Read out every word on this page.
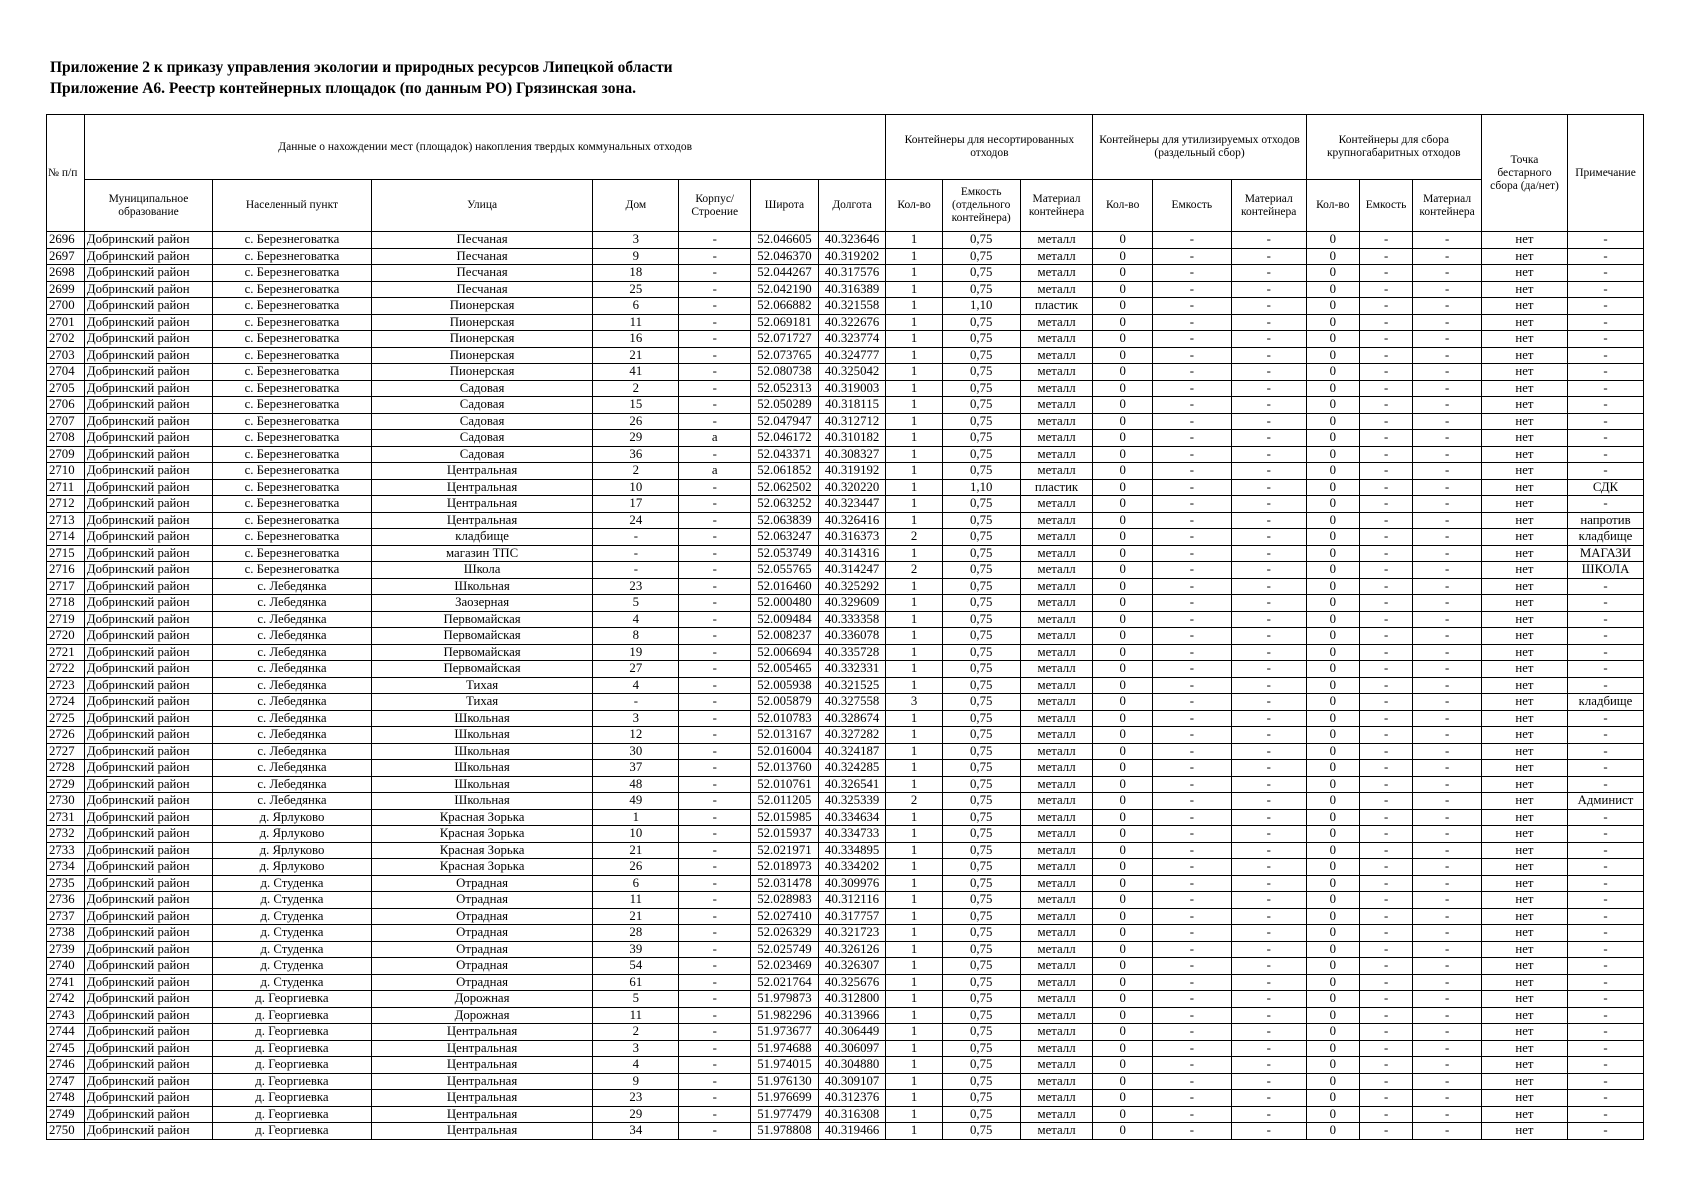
Приложение 2 к приказу управления экологии и природных ресурсов Липецкой области
Приложение А6. Реестр контейнерных площадок (по данным РО) Грязинская зона.
№ п/п	Данные о нахождении мест (площадок) накопления твердых коммунальных отходов							Контейнеры для несортированных отходов			Контейнеры для утилизируемых отходов (раздельный сбор)			Контейнеры для сбора крупногабаритных отходов			Точка бестарного сбора (да/нет)	Примечание
	Муниципальное образование	Населенный пункт	Улица	Дом	Корпус/ Строение	Широта	Долгота	Кол-во	Емкость (отдельного контейнера)	Материал контейнера	Кол-во	Емкость	Материал контейнера	Кол-во	Емкость	Материал контейнера		
2696	Добринский район	с. Березнеговатка	Песчаная	3	-	52.046605	40.323646	1	0,75	металл	0	-	-	0	-	-	нет	-
2697	Добринский район	с. Березнеговатка	Песчаная	9	-	52.046370	40.319202	1	0,75	металл	0	-	-	0	-	-	нет	-
2698	Добринский район	с. Березнеговатка	Песчаная	18	-	52.044267	40.317576	1	0,75	металл	0	-	-	0	-	-	нет	-
2699	Добринский район	с. Березнеговатка	Песчаная	25	-	52.042190	40.316389	1	0,75	металл	0	-	-	0	-	-	нет	-
2700	Добринский район	с. Березнеговатка	Пионерская	6	-	52.066882	40.321558	1	1,10	пластик	0	-	-	0	-	-	нет	-
2701	Добринский район	с. Березнеговатка	Пионерская	11	-	52.069181	40.322676	1	0,75	металл	0	-	-	0	-	-	нет	-
2702	Добринский район	с. Березнеговатка	Пионерская	16	-	52.071727	40.323774	1	0,75	металл	0	-	-	0	-	-	нет	-
2703	Добринский район	с. Березнеговатка	Пионерская	21	-	52.073765	40.324777	1	0,75	металл	0	-	-	0	-	-	нет	-
2704	Добринский район	с. Березнеговатка	Пионерская	41	-	52.080738	40.325042	1	0,75	металл	0	-	-	0	-	-	нет	-
2705	Добринский район	с. Березнеговатка	Садовая	2	-	52.052313	40.319003	1	0,75	металл	0	-	-	0	-	-	нет	-
2706	Добринский район	с. Березнеговатка	Садовая	15	-	52.050289	40.318115	1	0,75	металл	0	-	-	0	-	-	нет	-
2707	Добринский район	с. Березнеговатка	Садовая	26	-	52.047947	40.312712	1	0,75	металл	0	-	-	0	-	-	нет	-
2708	Добринский район	с. Березнеговатка	Садовая	29	а	52.046172	40.310182	1	0,75	металл	0	-	-	0	-	-	нет	-
2709	Добринский район	с. Березнеговатка	Садовая	36	-	52.043371	40.308327	1	0,75	металл	0	-	-	0	-	-	нет	-
2710	Добринский район	с. Березнеговатка	Центральная	2	а	52.061852	40.319192	1	0,75	металл	0	-	-	0	-	-	нет	-
2711	Добринский район	с. Березнеговатка	Центральная	10	-	52.062502	40.320220	1	1,10	пластик	0	-	-	0	-	-	нет	СДК
2712	Добринский район	с. Березнеговатка	Центральная	17	-	52.063252	40.323447	1	0,75	металл	0	-	-	0	-	-	нет	-
2713	Добринский район	с. Березнеговатка	Центральная	24	-	52.063839	40.326416	1	0,75	металл	0	-	-	0	-	-	нет	напротив
2714	Добринский район	с. Березнеговатка	кладбище	-	-	52.063247	40.316373	2	0,75	металл	0	-	-	0	-	-	нет	кладбище
2715	Добринский район	с. Березнеговатка	магазин ТПС	-	-	52.053749	40.314316	1	0,75	металл	0	-	-	0	-	-	нет	МАГАЗИ
2716	Добринский район	с. Березнеговатка	Школа	-	-	52.055765	40.314247	2	0,75	металл	0	-	-	0	-	-	нет	ШКОЛА
2717	Добринский район	с. Лебедянка	Школьная	23	-	52.016460	40.325292	1	0,75	металл	0	-	-	0	-	-	нет	-
2718	Добринский район	с. Лебедянка	Заозерная	5	-	52.000480	40.329609	1	0,75	металл	0	-	-	0	-	-	нет	-
2719	Добринский район	с. Лебедянка	Первомайская	4	-	52.009484	40.333358	1	0,75	металл	0	-	-	0	-	-	нет	-
2720	Добринский район	с. Лебедянка	Первомайская	8	-	52.008237	40.336078	1	0,75	металл	0	-	-	0	-	-	нет	-
2721	Добринский район	с. Лебедянка	Первомайская	19	-	52.006694	40.335728	1	0,75	металл	0	-	-	0	-	-	нет	-
2722	Добринский район	с. Лебедянка	Первомайская	27	-	52.005465	40.332331	1	0,75	металл	0	-	-	0	-	-	нет	-
2723	Добринский район	с. Лебедянка	Тихая	4	-	52.005938	40.321525	1	0,75	металл	0	-	-	0	-	-	нет	-
2724	Добринский район	с. Лебедянка	Тихая	-	-	52.005879	40.327558	3	0,75	металл	0	-	-	0	-	-	нет	кладбище
2725	Добринский район	с. Лебедянка	Школьная	3	-	52.010783	40.328674	1	0,75	металл	0	-	-	0	-	-	нет	-
2726	Добринский район	с. Лебедянка	Школьная	12	-	52.013167	40.327282	1	0,75	металл	0	-	-	0	-	-	нет	-
2727	Добринский район	с. Лебедянка	Школьная	30	-	52.016004	40.324187	1	0,75	металл	0	-	-	0	-	-	нет	-
2728	Добринский район	с. Лебедянка	Школьная	37	-	52.013760	40.324285	1	0,75	металл	0	-	-	0	-	-	нет	-
2729	Добринский район	с. Лебедянка	Школьная	48	-	52.010761	40.326541	1	0,75	металл	0	-	-	0	-	-	нет	-
2730	Добринский район	с. Лебедянка	Школьная	49	-	52.011205	40.325339	2	0,75	металл	0	-	-	0	-	-	нет	Админист
2731	Добринский район	д. Ярлуково	Красная Зорька	1	-	52.015985	40.334634	1	0,75	металл	0	-	-	0	-	-	нет	-
2732	Добринский район	д. Ярлуково	Красная Зорька	10	-	52.015937	40.334733	1	0,75	металл	0	-	-	0	-	-	нет	-
2733	Добринский район	д. Ярлуково	Красная Зорька	21	-	52.021971	40.334895	1	0,75	металл	0	-	-	0	-	-	нет	-
2734	Добринский район	д. Ярлуково	Красная Зорька	26	-	52.018973	40.334202	1	0,75	металл	0	-	-	0	-	-	нет	-
2735	Добринский район	д. Студенка	Отрадная	6	-	52.031478	40.309976	1	0,75	металл	0	-	-	0	-	-	нет	-
2736	Добринский район	д. Студенка	Отрадная	11	-	52.028983	40.312116	1	0,75	металл	0	-	-	0	-	-	нет	-
2737	Добринский район	д. Студенка	Отрадная	21	-	52.027410	40.317757	1	0,75	металл	0	-	-	0	-	-	нет	-
2738	Добринский район	д. Студенка	Отрадная	28	-	52.026329	40.321723	1	0,75	металл	0	-	-	0	-	-	нет	-
2739	Добринский район	д. Студенка	Отрадная	39	-	52.025749	40.326126	1	0,75	металл	0	-	-	0	-	-	нет	-
2740	Добринский район	д. Студенка	Отрадная	54	-	52.023469	40.326307	1	0,75	металл	0	-	-	0	-	-	нет	-
2741	Добринский район	д. Студенка	Отрадная	61	-	52.021764	40.325676	1	0,75	металл	0	-	-	0	-	-	нет	-
2742	Добринский район	д. Георгиевка	Дорожная	5	-	51.979873	40.312800	1	0,75	металл	0	-	-	0	-	-	нет	-
2743	Добринский район	д. Георгиевка	Дорожная	11	-	51.982296	40.313966	1	0,75	металл	0	-	-	0	-	-	нет	-
2744	Добринский район	д. Георгиевка	Центральная	2	-	51.973677	40.306449	1	0,75	металл	0	-	-	0	-	-	нет	-
2745	Добринский район	д. Георгиевка	Центральная	3	-	51.974688	40.306097	1	0,75	металл	0	-	-	0	-	-	нет	-
2746	Добринский район	д. Георгиевка	Центральная	4	-	51.974015	40.304880	1	0,75	металл	0	-	-	0	-	-	нет	-
2747	Добринский район	д. Георгиевка	Центральная	9	-	51.976130	40.309107	1	0,75	металл	0	-	-	0	-	-	нет	-
2748	Добринский район	д. Георгиевка	Центральная	23	-	51.976699	40.312376	1	0,75	металл	0	-	-	0	-	-	нет	-
2749	Добринский район	д. Георгиевка	Центральная	29	-	51.977479	40.316308	1	0,75	металл	0	-	-	0	-	-	нет	-
2750	Добринский район	д. Георгиевка	Центральная	34	-	51.978808	40.319466	1	0,75	металл	0	-	-	0	-	-	нет	-
